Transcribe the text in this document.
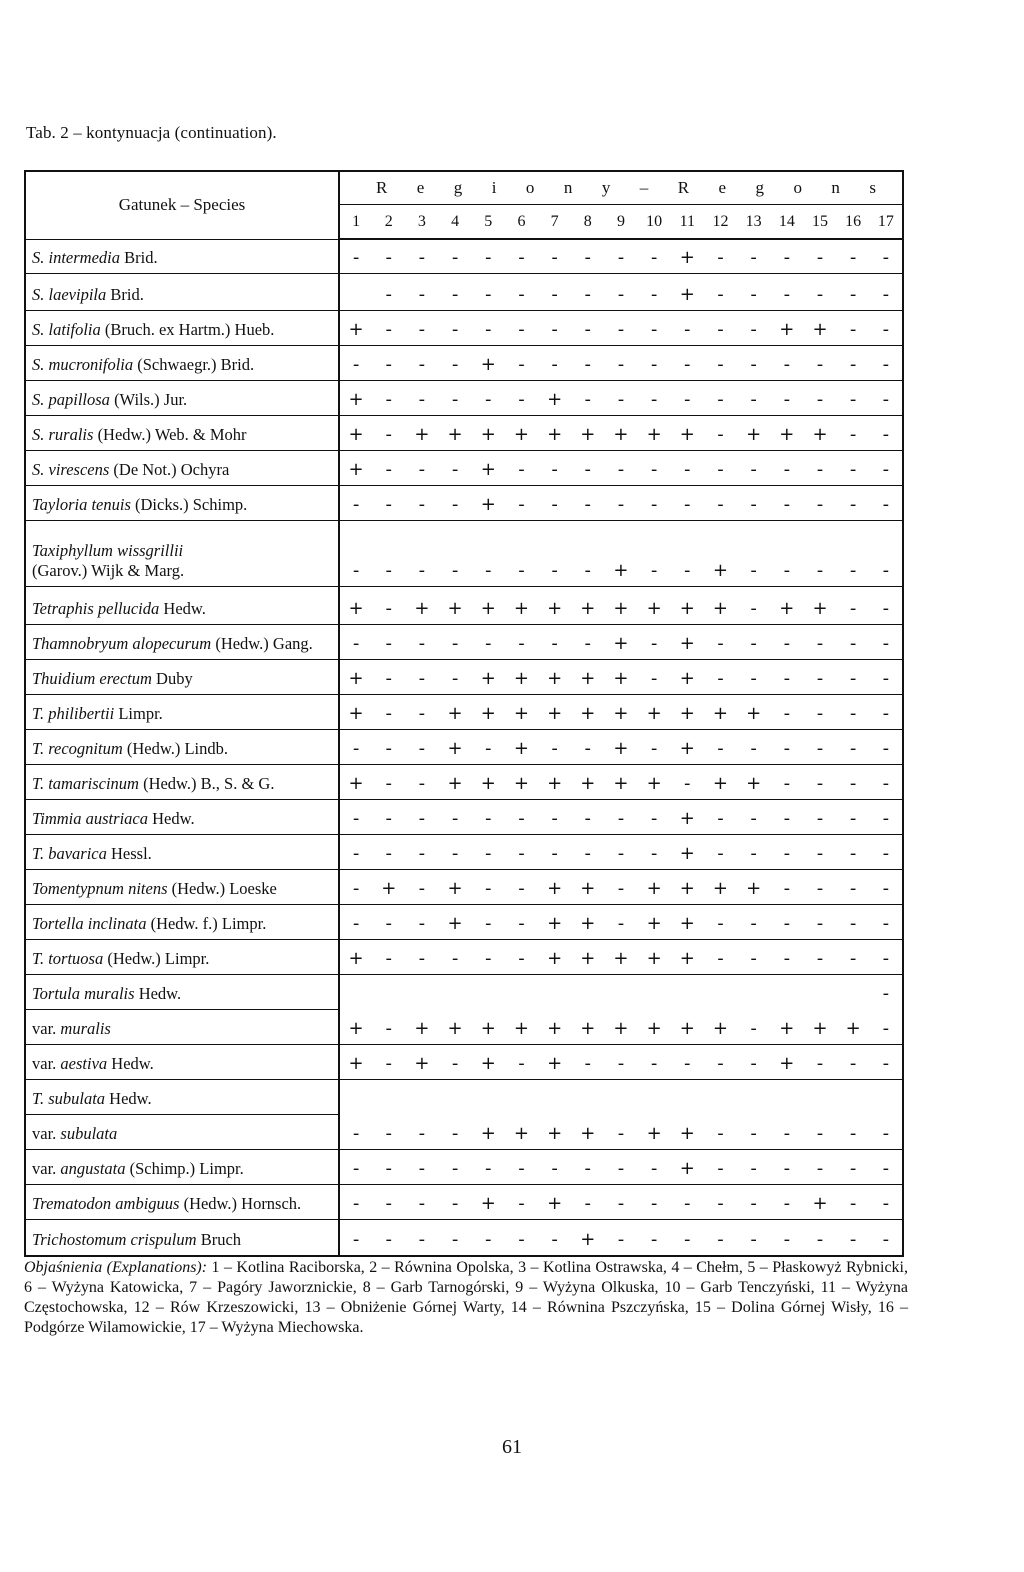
Tab. 2 – kontynuacja (continuation).
Gatunek – Species	R e g i o n y – R e g o n s																
	1	2	3	4	5	6	7	8	9	10	11	12	13	14	15	16	17
S. intermedia Brid.	-	-	-	-	-	-	-	-	-	-	+	-	-	-	-	-	-
S. laevipila Brid.		-	-	-	-	-	-	-	-	-	+	-	-	-	-	-	-
S. latifolia (Bruch. ex Hartm.) Hueb.	+	-	-	-	-	-	-	-	-	-	-	-	-	+	+	-	-
S. mucronifolia (Schwaegr.) Brid.	-	-	-	-	+	-	-	-	-	-	-	-	-	-	-	-	-
S. papillosa (Wils.) Jur.	+	-	-	-	-	-	+	-	-	-	-	-	-	-	-	-	-
S. ruralis (Hedw.) Web. & Mohr	+	-	+	+	+	+	+	+	+	+	+	-	+	+	+	-	-
S. virescens (De Not.) Ochyra	+	-	-	-	+	-	-	-	-	-	-	-	-	-	-	-	-
Tayloria tenuis (Dicks.) Schimp.	-	-	-	-	+	-	-	-	-	-	-	-	-	-	-	-	-
Taxiphyllum wissgrillii
(Garov.) Wijk & Marg.	-	-	-	-	-	-	-	-	+	-	-	+	-	-	-	-	-
Tetraphis pellucida Hedw.	+	-	+	+	+	+	+	+	+	+	+	+	-	+	+	-	-
Thamnobryum alopecurum (Hedw.) Gang.	-	-	-	-	-	-	-	-	+	-	+	-	-	-	-	-	-
Thuidium erectum Duby	+	-	-	-	+	+	+	+	+	-	+	-	-	-	-	-	-
T. philibertii Limpr.	+	-	-	+	+	+	+	+	+	+	+	+	+	-	-	-	-
T. recognitum (Hedw.) Lindb.	-	-	-	+	-	+	-	-	+	-	+	-	-	-	-	-	-
T. tamariscinum (Hedw.) B., S. & G.	+	-	-	+	+	+	+	+	+	+	-	+	+	-	-	-	-
Timmia austriaca Hedw.	-	-	-	-	-	-	-	-	-	-	+	-	-	-	-	-	-
T. bavarica Hessl.	-	-	-	-	-	-	-	-	-	-	+	-	-	-	-	-	-
Tomentypnum nitens (Hedw.) Loeske	-	+	-	+	-	-	+	+	-	+	+	+	+	-	-	-	-
Tortella inclinata (Hedw. f.) Limpr.	-	-	-	+	-	-	+	+	-	+	+	-	-	-	-	-	-
T. tortuosa (Hedw.) Limpr.	+	-	-	-	-	-	+	+	+	+	+	-	-	-	-	-	-
Tortula muralis Hedw.																	-
var. muralis	+	-	+	+	+	+	+	+	+	+	+	+	-	+	+	+	-
var. aestiva Hedw.	+	-	+	-	+	-	+	-	-	-	-	-	-	+	-	-	-
T. subulata Hedw.																	
var. subulata	-	-	-	-	+	+	+	+	-	+	+	-	-	-	-	-	-
var. angustata (Schimp.) Limpr.	-	-	-	-	-	-	-	-	-	-	+	-	-	-	-	-	-
Trematodon ambiguus (Hedw.) Hornsch.	-	-	-	-	+	-	+	-	-	-	-	-	-	-	+	-	-
Trichostomum crispulum Bruch	-	-	-	-	-	-	-	+	-	-	-	-	-	-	-	-	-
Objaśnienia (Explanations): 1 – Kotlina Raciborska, 2 – Równina Opolska, 3 – Kotlina Ostrawska, 4 – Chełm, 5 – Płaskowyż Rybnicki, 6 – Wyżyna Katowicka, 7 – Pagóry Jaworznickie, 8 – Garb Tarnogórski, 9 – Wyżyna Olkuska, 10 – Garb Tenczyński, 11 – Wyżyna Częstochowska, 12 – Rów Krzeszowicki, 13 – Obniżenie Górnej Warty, 14 – Równina Pszczyńska, 15 – Dolina Górnej Wisły, 16 – Podgórze Wilamowickie, 17 – Wyżyna Miechowska.
61
